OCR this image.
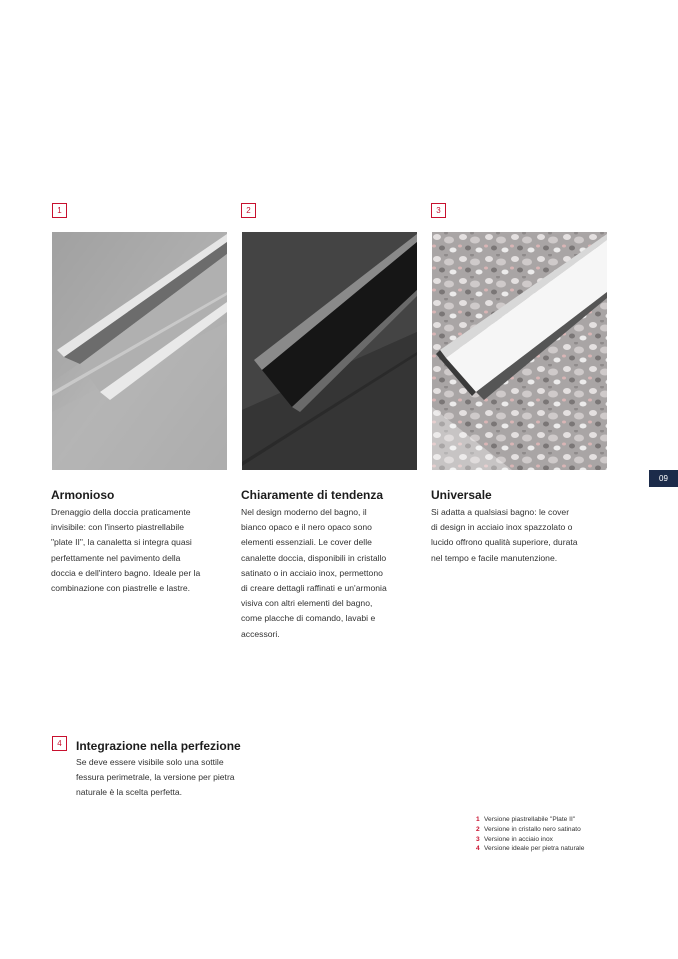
1	2	3
Armonioso	Chiaramente di tendenza	Universale

Drenaggio della doccia praticamente

invisibile: con l'inserto piastrellabile

"plate II", la canaletta si integra quasi

perfettamente nel pavimento della

doccia e dell'intero bagno. Ideale per la

combinazione con piastrelle e lastre.

Nel design moderno del bagno, il

bianco opaco e il nero opaco sono

elementi essenziali. Le cover delle

canalette doccia, disponibili in cristallo

satinato o in acciaio inox, permettono

di creare dettagli raffinati e un'armonia

visiva con altri elementi del bagno,

come placche di comando, lavabi e

accessori.

Si adatta a qualsiasi bagno: le cover

di design in acciaio inox spazzolato o

lucido offrono qualità superiore, durata

nel tempo e facile manutenzione.

09
4	Integrazione nella perfezione

Se deve essere visibile solo una sottile

fessura perimetrale, la versione per pietra

naturale è la scelta perfetta.

1 Versione piastrellabile "Plate II"
2 Versione in cristallo nero satinato
3 Versione in acciaio inox
4 Versione ideale per pietra naturale
